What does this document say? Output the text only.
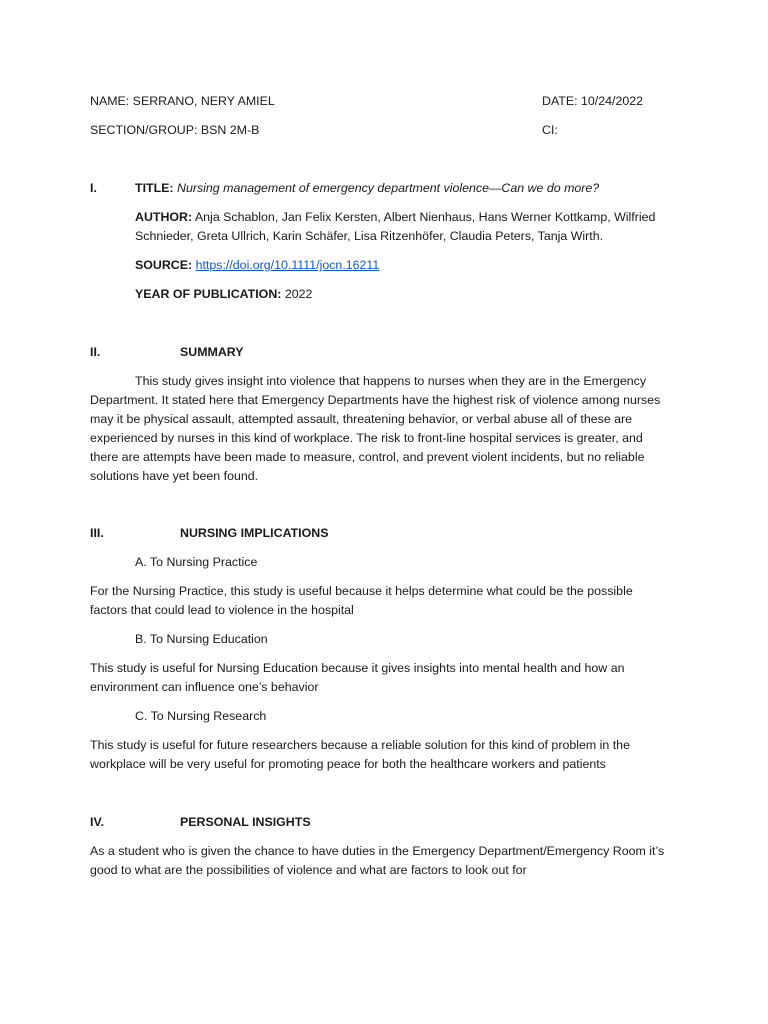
NAME: SERRANO, NERY AMIEL	DATE: 10/24/2022
SECTION/GROUP: BSN 2M-B	CI:
I.	TITLE: Nursing management of emergency department violence—Can we do more?
AUTHOR: Anja Schablon, Jan Felix Kersten, Albert Nienhaus, Hans Werner Kottkamp, Wilfried
Schnieder, Greta Ullrich, Karin Schäfer, Lisa Ritzenhöfer, Claudia Peters, Tanja Wirth.
SOURCE: https://doi.org/10.1111/jocn.16211
YEAR OF PUBLICATION: 2022
II.	SUMMARY
This study gives insight into violence that happens to nurses when they are in the Emergency
Department. It stated here that Emergency Departments have the highest risk of violence among nurses
may it be physical assault, attempted assault, threatening behavior, or verbal abuse all of these are
experienced by nurses in this kind of workplace. The risk to front-line hospital services is greater, and
there are attempts have been made to measure, control, and prevent violent incidents, but no reliable
solutions have yet been found.
III.	NURSING IMPLICATIONS
A. To Nursing Practice
For the Nursing Practice, this study is useful because it helps determine what could be the possible
factors that could lead to violence in the hospital
B. To Nursing Education
This study is useful for Nursing Education because it gives insights into mental health and how an
environment can influence one’s behavior
C. To Nursing Research
This study is useful for future researchers because a reliable solution for this kind of problem in the
workplace will be very useful for promoting peace for both the healthcare workers and patients
IV.	PERSONAL INSIGHTS
As a student who is given the chance to have duties in the Emergency Department/Emergency Room it’s
good to what are the possibilities of violence and what are factors to look out for
